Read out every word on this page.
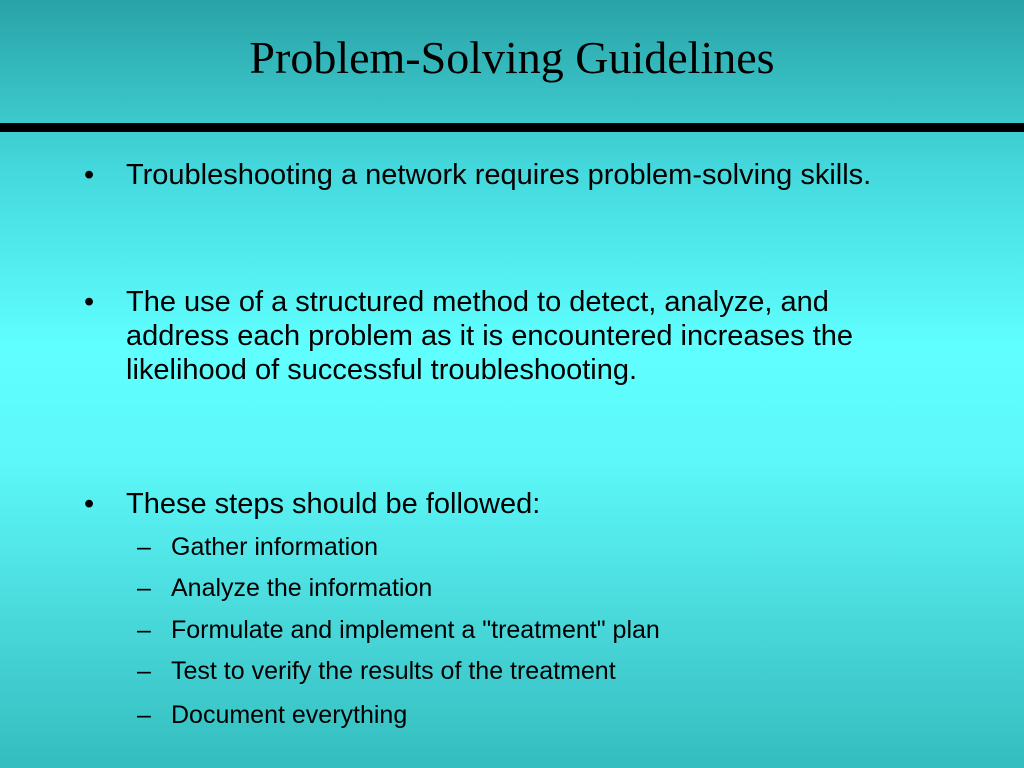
Problem-Solving Guidelines
•	Troubleshooting a network requires problem-solving skills.
•	The use of a structured method to detect, analyze, and address each problem as it is encountered increases the likelihood of successful troubleshooting.
•	These steps should be followed:
– Gather information
– Analyze the information
– Formulate and implement a "treatment" plan
– Test to verify the results of the treatment
– Document everything
